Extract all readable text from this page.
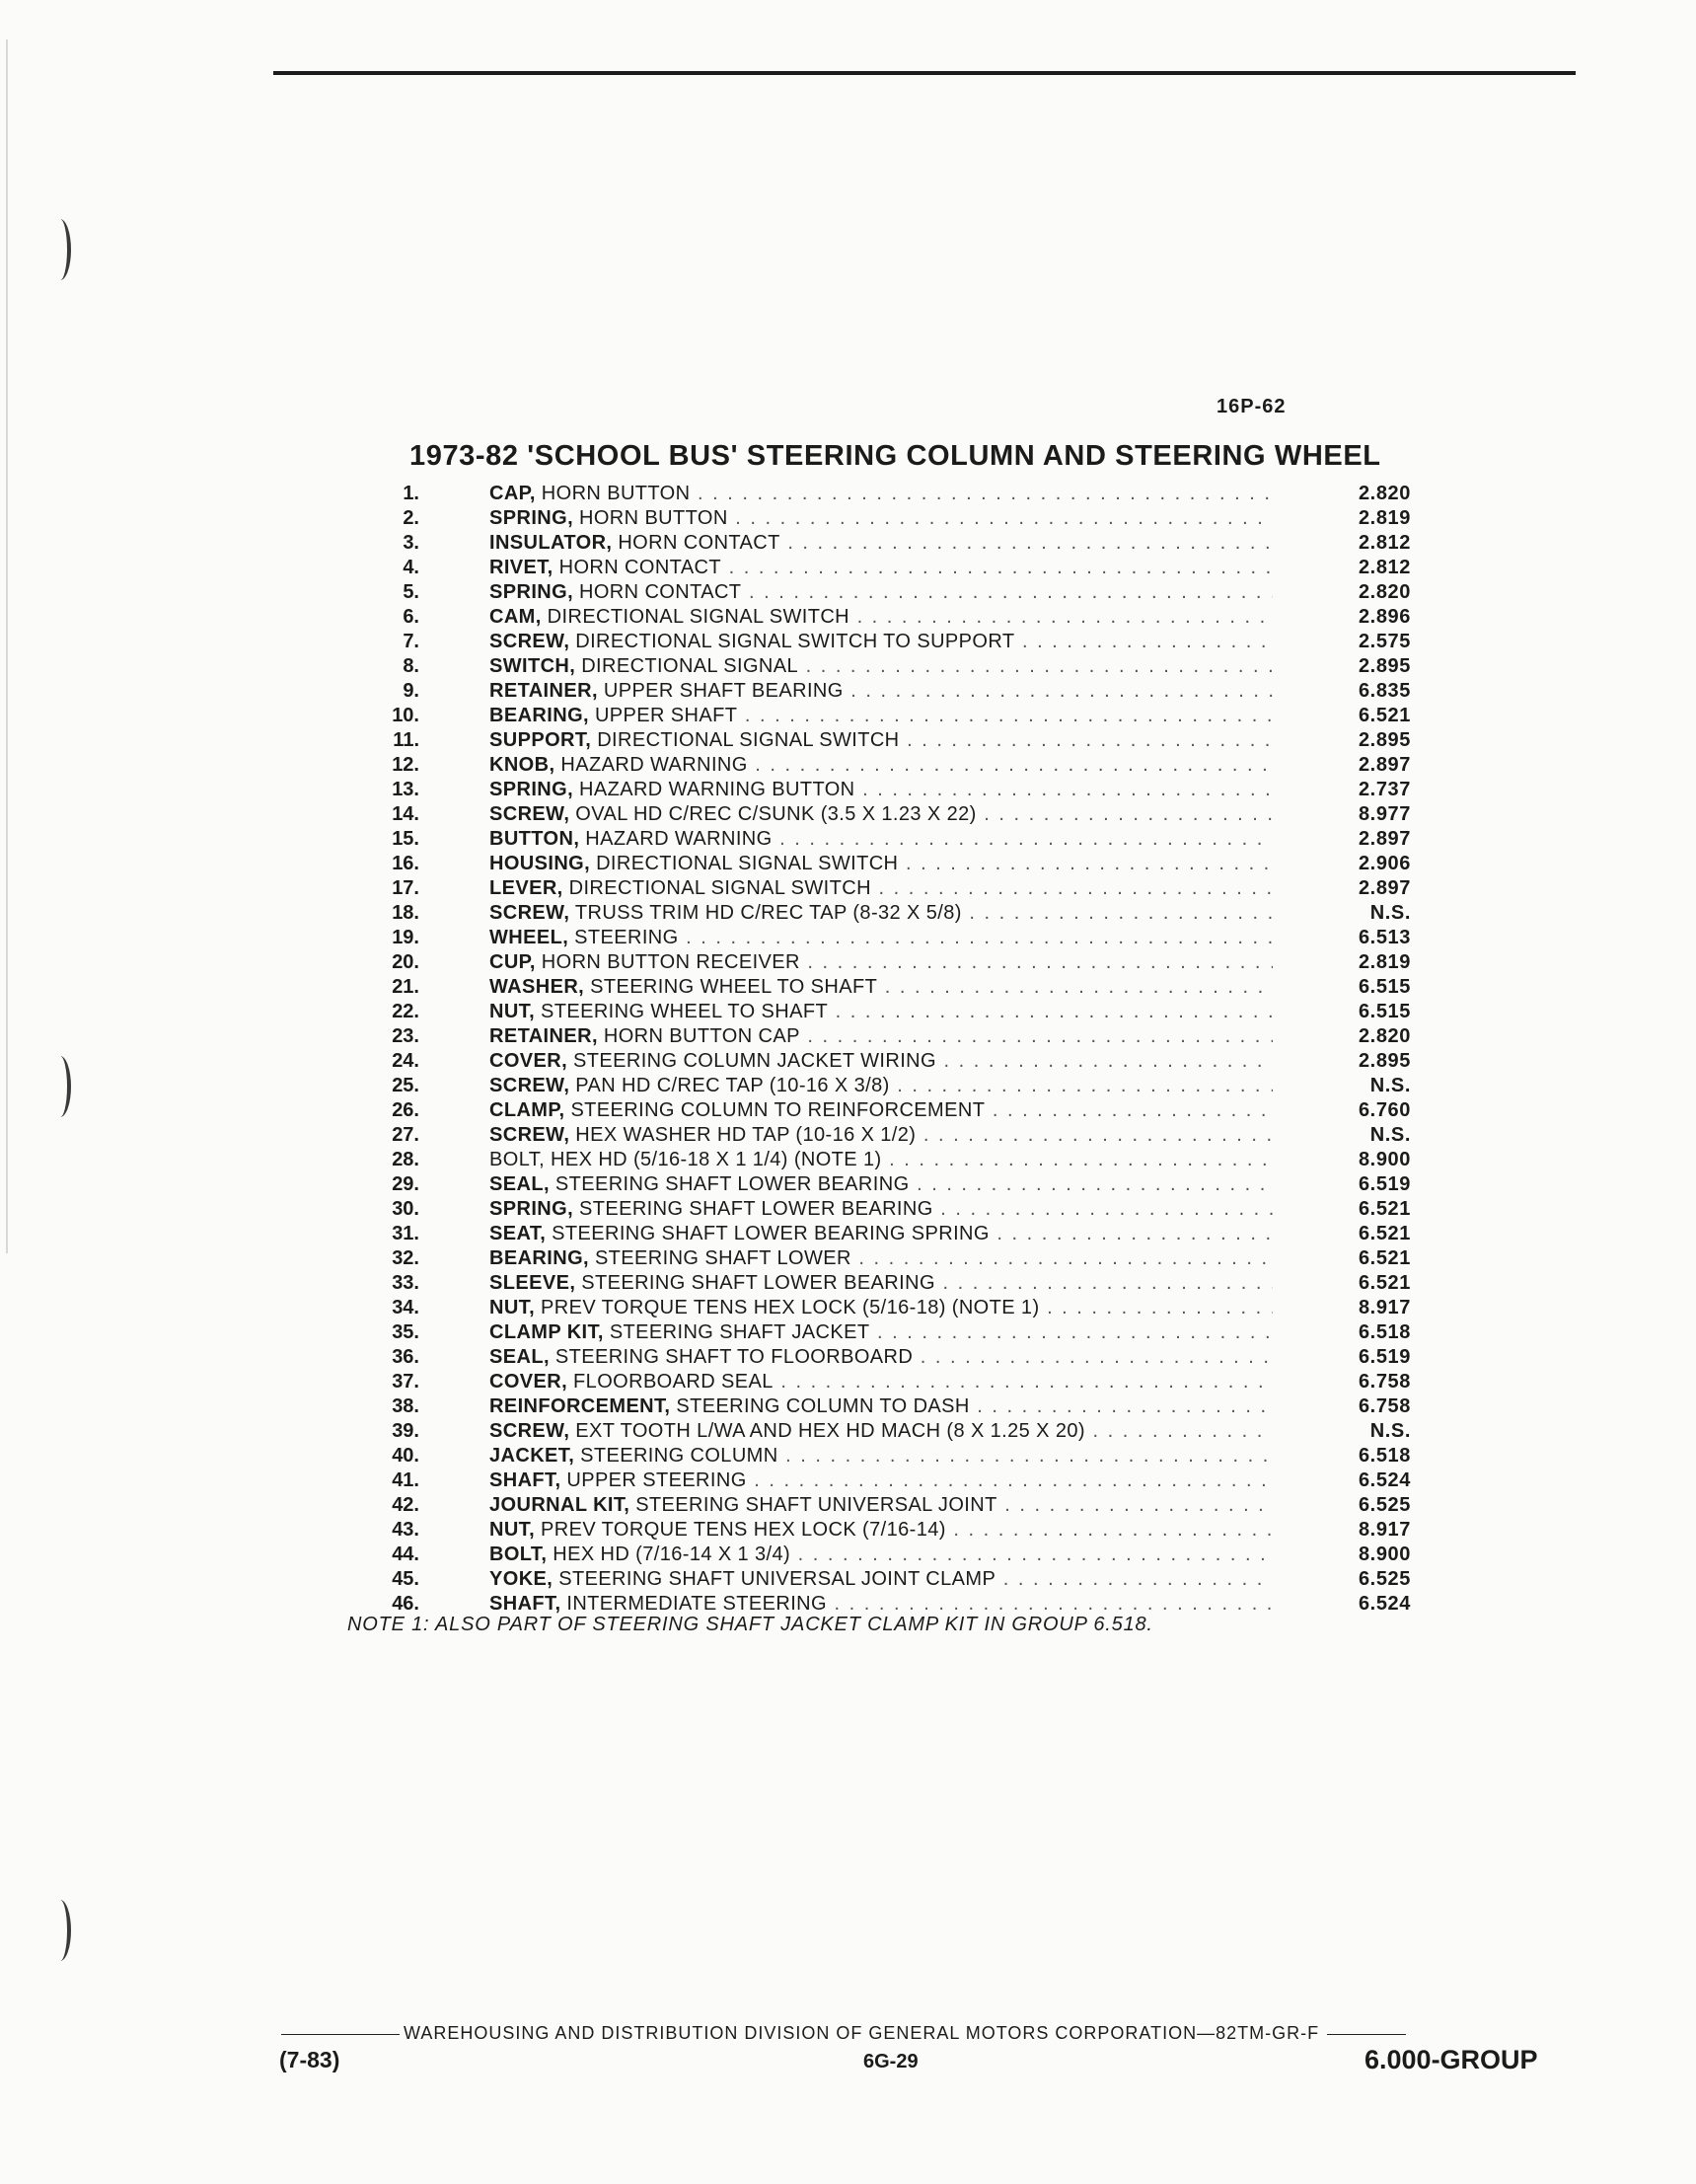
16P-62
1973-82 'SCHOOL BUS' STEERING COLUMN AND STEERING WHEEL
1.	CAP, HORN BUTTON . . .	2.820
2.	SPRING, HORN BUTTON . . .	2.819
3.	INSULATOR, HORN CONTACT . . .	2.812
4.	RIVET, HORN CONTACT . . .	2.812
5.	SPRING, HORN CONTACT . . .	2.820
6.	CAM, DIRECTIONAL SIGNAL SWITCH . . .	2.896
7.	SCREW, DIRECTIONAL SIGNAL SWITCH TO SUPPORT . . .	2.575
8.	SWITCH, DIRECTIONAL SIGNAL . . .	2.895
9.	RETAINER, UPPER SHAFT BEARING . . .	6.835
10.	BEARING, UPPER SHAFT . . .	6.521
11.	SUPPORT, DIRECTIONAL SIGNAL SWITCH . . .	2.895
12.	KNOB, HAZARD WARNING . . .	2.897
13.	SPRING, HAZARD WARNING BUTTON . . .	2.737
14.	SCREW, OVAL HD C/REC C/SUNK (3.5 X 1.23 X 22) . . .	8.977
15.	BUTTON, HAZARD WARNING . . .	2.897
16.	HOUSING, DIRECTIONAL SIGNAL SWITCH . . .	2.906
17.	LEVER, DIRECTIONAL SIGNAL SWITCH . . .	2.897
18.	SCREW, TRUSS TRIM HD C/REC TAP (8-32 X 5/8) . . .	N.S.
19.	WHEEL, STEERING . . .	6.513
20.	CUP, HORN BUTTON RECEIVER . . .	2.819
21.	WASHER, STEERING WHEEL TO SHAFT . . .	6.515
22.	NUT, STEERING WHEEL TO SHAFT . . .	6.515
23.	RETAINER, HORN BUTTON CAP . . .	2.820
24.	COVER, STEERING COLUMN JACKET WIRING . . .	2.895
25.	SCREW, PAN HD C/REC TAP (10-16 X 3/8) . . .	N.S.
26.	CLAMP, STEERING COLUMN TO REINFORCEMENT . . .	6.760
27.	SCREW, HEX WASHER HD TAP (10-16 X 1/2) . . .	N.S.
28.	BOLT, HEX HD (5/16-18 X 1 1/4) (NOTE 1) . . .	8.900
29.	SEAL, STEERING SHAFT LOWER BEARING . . .	6.519
30.	SPRING, STEERING SHAFT LOWER BEARING . . .	6.521
31.	SEAT, STEERING SHAFT LOWER BEARING SPRING . . .	6.521
32.	BEARING, STEERING SHAFT LOWER . . .	6.521
33.	SLEEVE, STEERING SHAFT LOWER BEARING . . .	6.521
34.	NUT, PREV TORQUE TENS HEX LOCK (5/16-18) (NOTE 1) . . .	8.917
35.	CLAMP KIT, STEERING SHAFT JACKET . . .	6.518
36.	SEAL, STEERING SHAFT TO FLOORBOARD . . .	6.519
37.	COVER, FLOORBOARD SEAL . . .	6.758
38.	REINFORCEMENT, STEERING COLUMN TO DASH . . .	6.758
39.	SCREW, EXT TOOTH L/WA AND HEX HD MACH (8 X 1.25 X 20) . . .	N.S.
40.	JACKET, STEERING COLUMN . . .	6.518
41.	SHAFT, UPPER STEERING . . .	6.524
42.	JOURNAL KIT, STEERING SHAFT UNIVERSAL JOINT . . .	6.525
43.	NUT, PREV TORQUE TENS HEX LOCK (7/16-14) . . .	8.917
44.	BOLT, HEX HD (7/16-14 X 1 3/4) . . .	8.900
45.	YOKE, STEERING SHAFT UNIVERSAL JOINT CLAMP . . .	6.525
46.	SHAFT, INTERMEDIATE STEERING . . .	6.524
NOTE 1: ALSO PART OF STEERING SHAFT JACKET CLAMP KIT IN GROUP 6.518.
WAREHOUSING AND DISTRIBUTION DIVISION OF GENERAL MOTORS CORPORATION—82TM-GR-F
(7-83)	6G-29	6.000-GROUP
